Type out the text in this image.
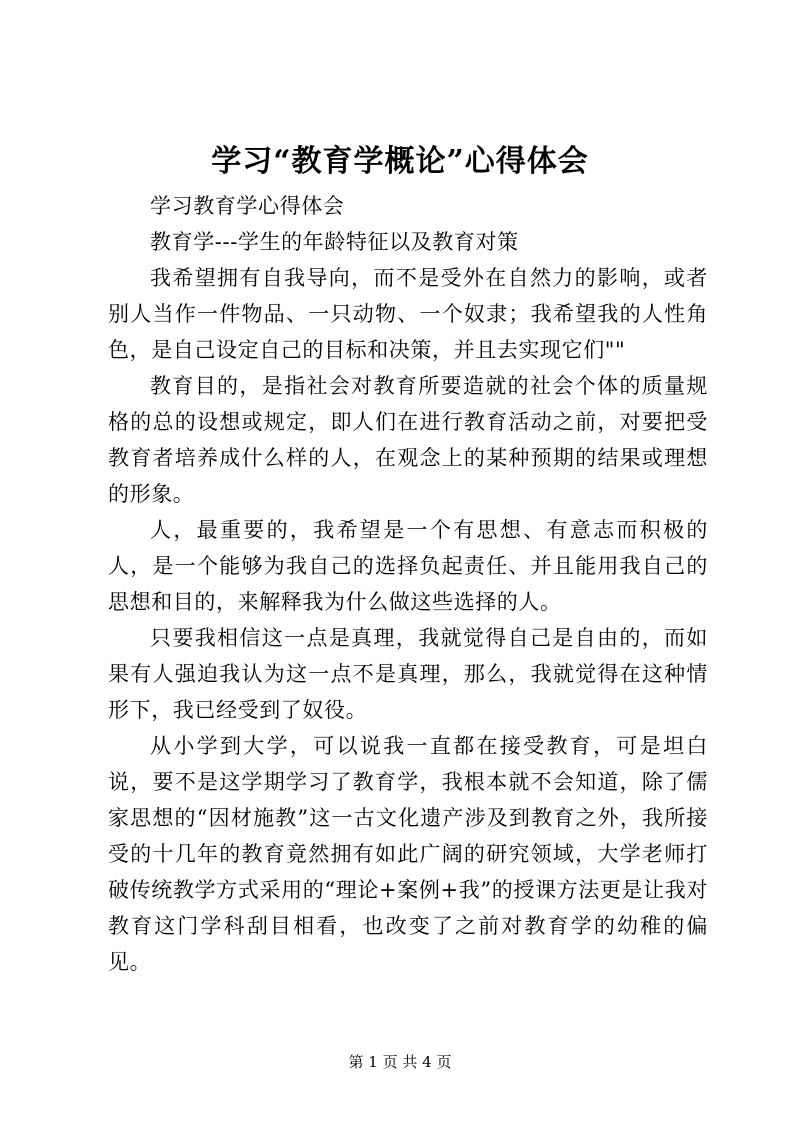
学习“教育学概论”心得体会

学习教育学心得体会

教育学---学生的年龄特征以及教育对策

我希望拥有自我导向，而不是受外在自然力的影响，或者别人当作一件物品、一只动物、一个奴隶；我希望我的人性角色，是自己设定自己的目标和决策，并且去实现它们""

教育目的，是指社会对教育所要造就的社会个体的质量规格的总的设想或规定，即人们在进行教育活动之前，对要把受教育者培养成什么样的人，在观念上的某种预期的结果或理想的形象。

人，最重要的，我希望是一个有思想、有意志而积极的人，是一个能够为我自己的选择负起责任、并且能用我自己的思想和目的，来解释我为什么做这些选择的人。

只要我相信这一点是真理，我就觉得自己是自由的，而如果有人强迫我认为这一点不是真理，那么，我就觉得在这种情形下，我已经受到了奴役。

从小学到大学，可以说我一直都在接受教育，可是坦白说，要不是这学期学习了教育学，我根本就不会知道，除了儒家思想的“因材施教”这一古文化遗产涉及到教育之外，我所接受的十几年的教育竟然拥有如此广阔的研究领域，大学老师打破传统教学方式采用的“理论+案例+我”的授课方法更是让我对教育这门学科刮目相看，也改变了之前对教育学的幼稚的偏见。

第 1 页 共 4 页
